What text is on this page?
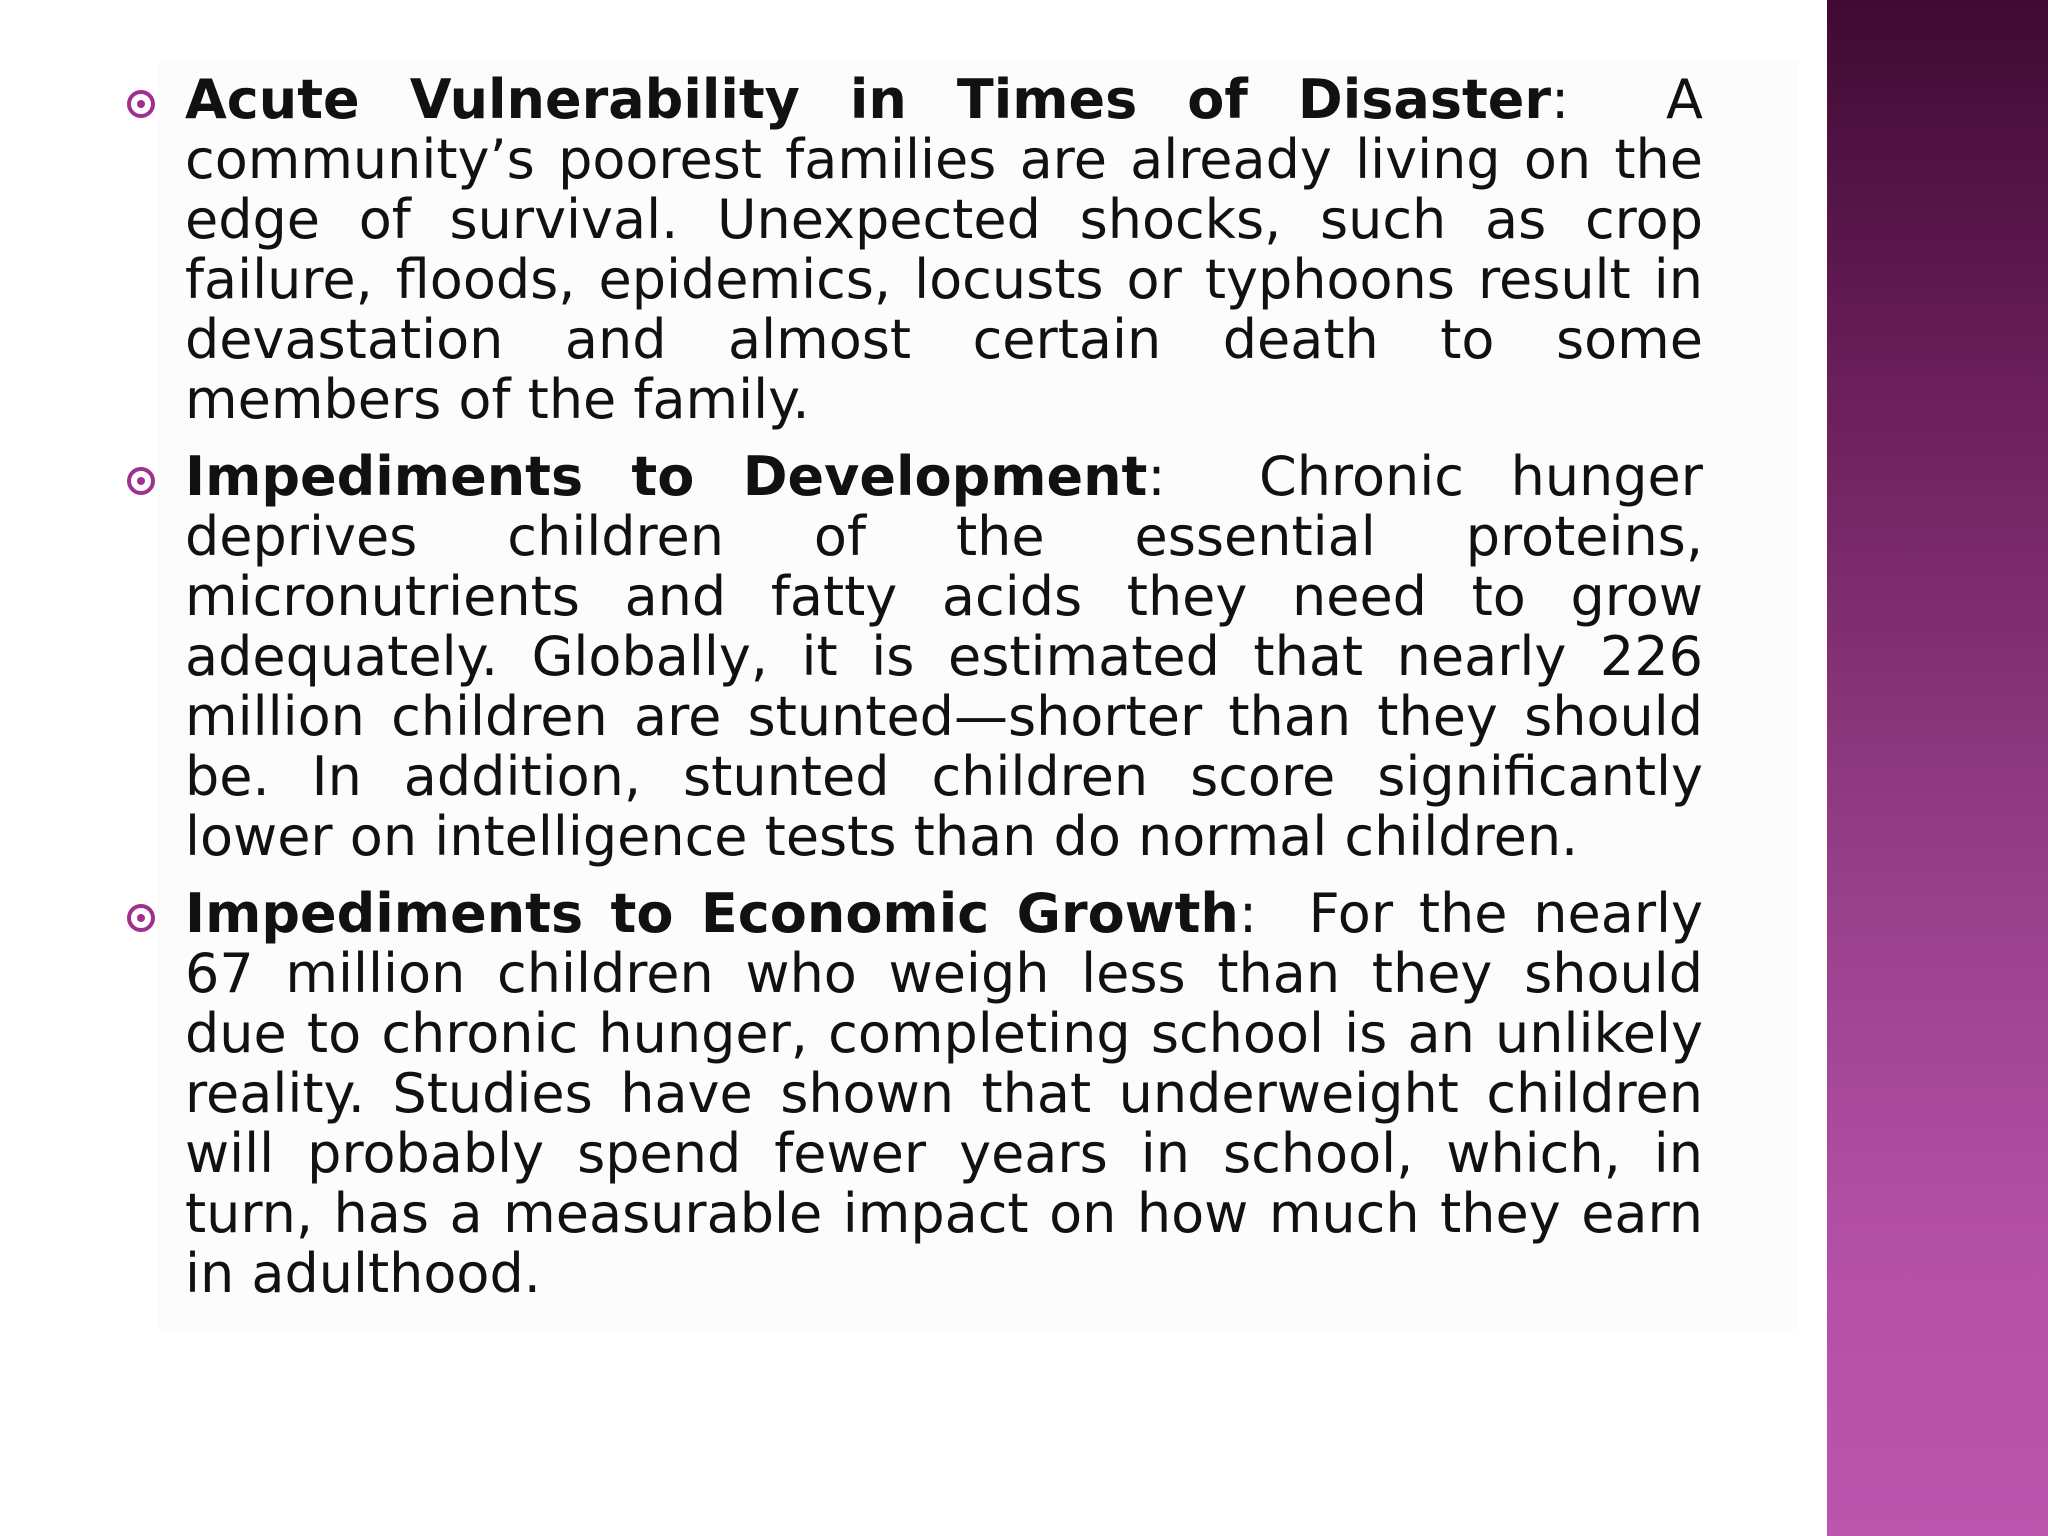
Acute Vulnerability in Times of Disaster:  A community’s poorest families are already living on the edge of survival. Unexpected shocks, such as crop failure, floods, epidemics, locusts or typhoons result in devastation and almost certain death to some members of the family.

Impediments to Development:  Chronic hunger deprives children of the essential proteins, micronutrients and fatty acids they need to grow adequately. Globally, it is estimated that nearly 226 million children are stunted—shorter than they should be. In addition, stunted children score significantly lower on intelligence tests than do normal children.

Impediments to Economic Growth:  For the nearly 67 million children who weigh less than they should due to chronic hunger, completing school is an unlikely reality. Studies have shown that underweight children will probably spend fewer years in school, which, in turn, has a measurable impact on how much they earn in adulthood.
